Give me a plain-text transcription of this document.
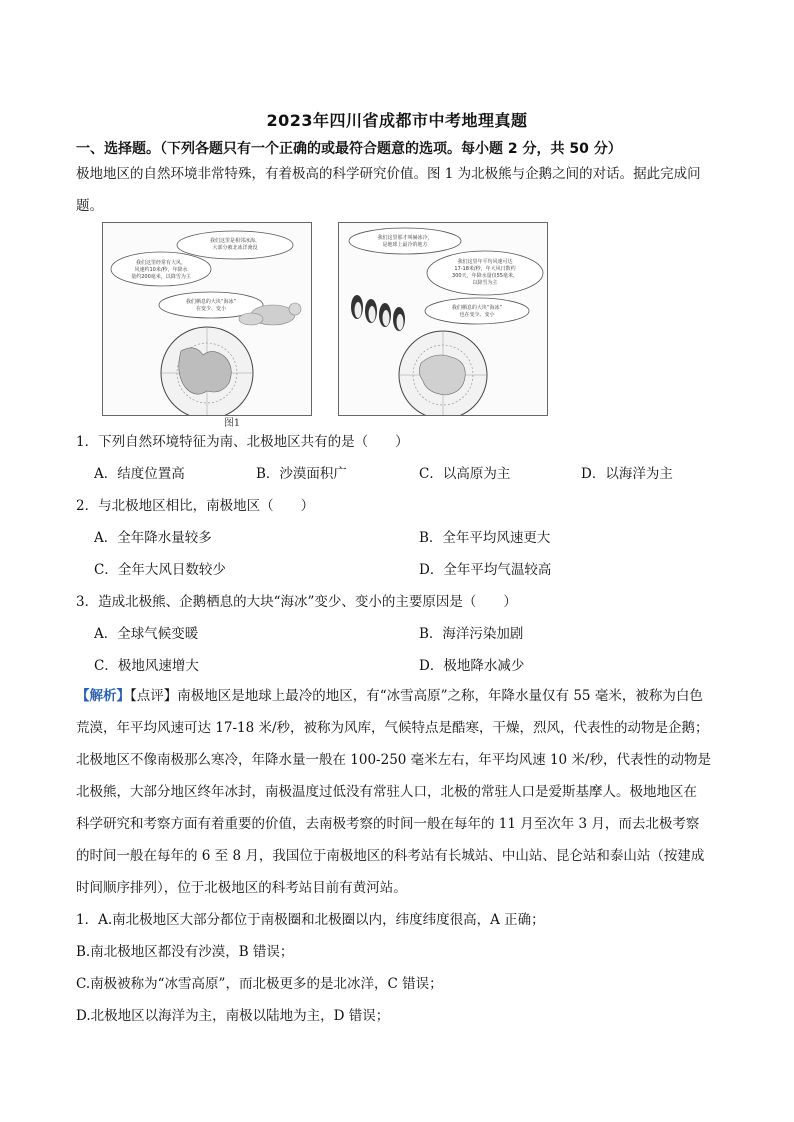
2023年四川省成都市中考地理真题
一、选择题。（下列各题只有一个正确的或最符合题意的选项。每小题 2 分，共 50 分）
极地地区的自然环境非常特殊，有着极高的科学研究价值。图 1 为北极熊与企鹅之间的对话。据此完成问
题。
我们这里是相邻冰海、
大部分被北冰洋淹没
我们这里经常有大风，
风速约10米/秒，年降水
量约200毫米，以降雪为主
我们栖息的大块“海冰”
在变少、变小
我们这里那才叫赫冰冷，
是地球上最冷的地方
我们这里年平均风速可达
17-18米/秒，年大风日数约
300天，年降水量仅55毫米，
以降雪为主
我们栖息的大块“海冰”
也在变少、变小
图1
1．下列自然环境特征为南、北极地区共有的是（　　）
A．结度位置高	B．沙漠面积广	C．以高原为主	D．以海洋为主
2．与北极地区相比，南极地区（　　）
A．全年降水量较多	B．全年平均风速更大
C．全年大风日数较少	D．全年平均气温较高
3．造成北极熊、企鹅栖息的大块“海冰”变少、变小的主要原因是（　　）
A．全球气候变暖	B．海洋污染加剧
C．极地风速增大	D．极地降水减少
【解析】【点评】南极地区是地球上最冷的地区，有“冰雪高原”之称，年降水量仅有 55 毫米，被称为白色
荒漠，年平均风速可达 17-18 米/秒，被称为风库，气候特点是酷寒，干燥，烈风，代表性的动物是企鹅；
北极地区不像南极那么寒冷，年降水量一般在 100-250 毫米左右，年平均风速 10 米/秒，代表性的动物是
北极熊，大部分地区终年冰封，南极温度过低没有常驻人口，北极的常驻人口是爱斯基摩人。极地地区在
科学研究和考察方面有着重要的价值，去南极考察的时间一般在每年的 11 月至次年 3 月，而去北极考察
的时间一般在每年的 6 至 8 月，我国位于南极地区的科考站有长城站、中山站、昆仑站和泰山站（按建成
时间顺序排列），位于北极地区的科考站目前有黄河站。
1．A.南北极地区大部分都位于南极圈和北极圈以内，纬度纬度很高，A 正确；
B.南北极地区都没有沙漠，B 错误；
C.南极被称为“冰雪高原”，而北极更多的是北冰洋，C 错误；
D.北极地区以海洋为主，南极以陆地为主，D 错误；
